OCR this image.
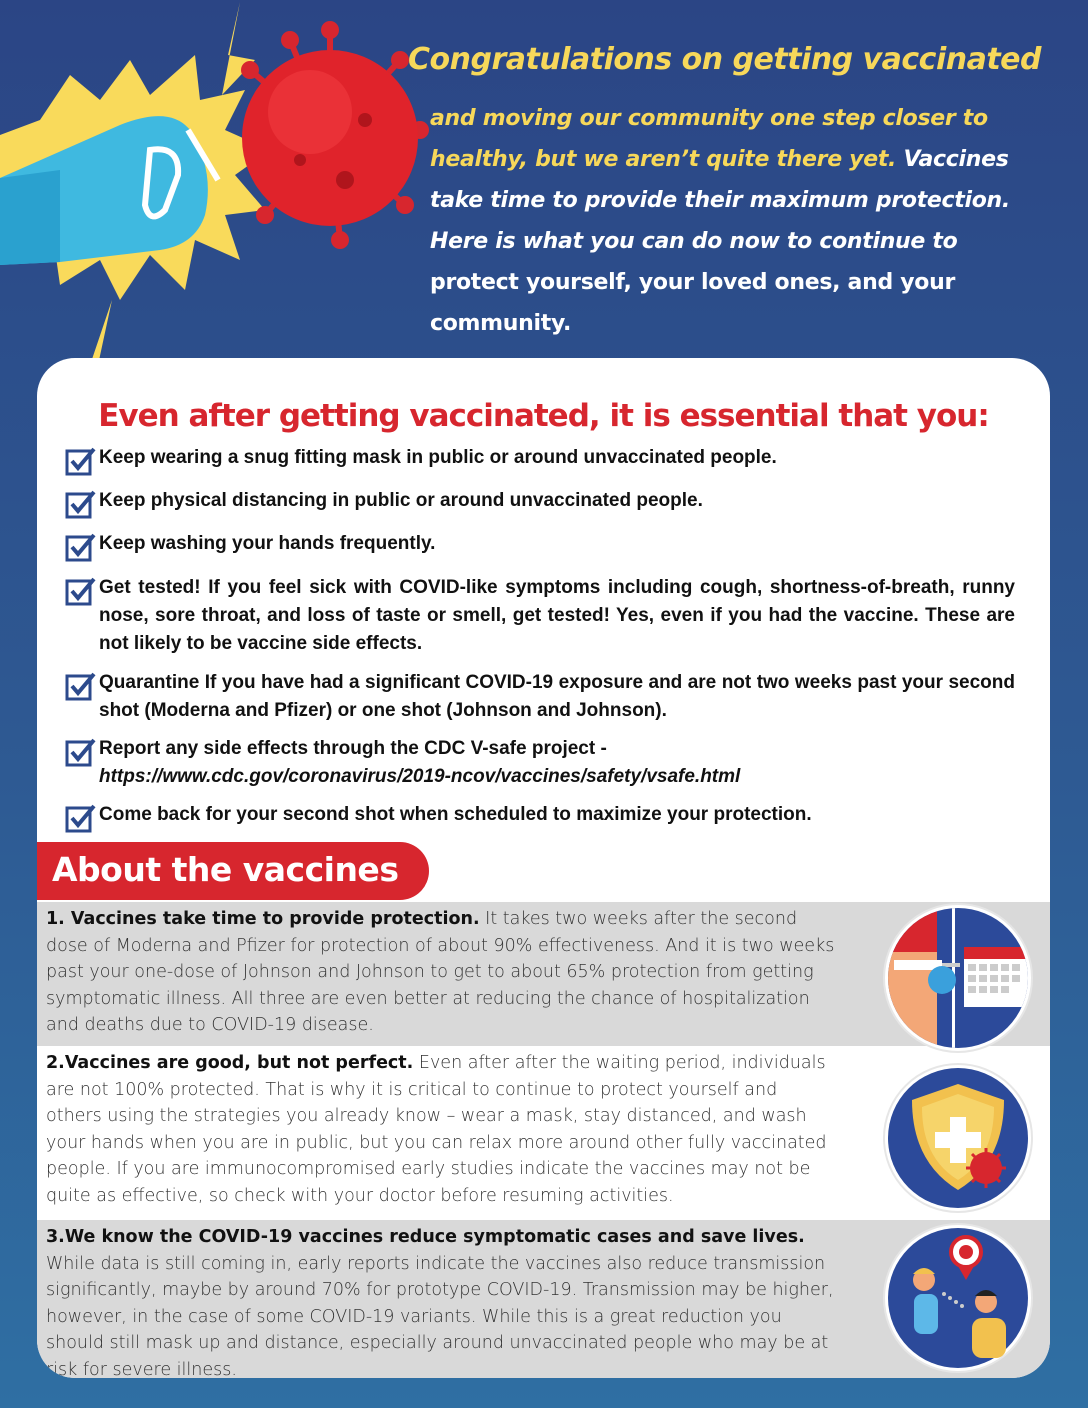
Congratulations on getting vaccinated

and moving our community one step closer to healthy, but we aren’t quite there yet. Vaccines take time to provide their maximum protection. Here is what you can do now to continue to protect yourself, your loved ones, and your community.

Even after getting vaccinated, it is essential that you:
Keep wearing a snug fitting mask in public or around unvaccinated people.
Keep physical distancing in public or around unvaccinated people.
Keep washing your hands frequently.
Get tested! If you feel sick with COVID-like symptoms including cough, shortness-of-breath, runny nose, sore throat, and loss of taste or smell, get tested! Yes, even if you had the vaccine. These are not likely to be vaccine side effects.
Quarantine If you have had a significant COVID-19 exposure and are not two weeks past your second shot (Moderna and Pfizer) or one shot (Johnson and Johnson).
Report any side effects through the CDC V-safe project -
https://www.cdc.gov/coronavirus/2019-ncov/vaccines/safety/vsafe.html
Come back for your second shot when scheduled to maximize your protection.
About the vaccines

1. Vaccines take time to provide protection. It takes two weeks after the second dose of Moderna and Pfizer for protection of about 90% effectiveness. And it is two weeks past your one-dose of Johnson and Johnson to get to about 65% protection from getting symptomatic illness. All three are even better at reducing the chance of hospitalization and deaths due to COVID-19 disease.

2.Vaccines are good, but not perfect. Even after after the waiting period, individuals are not 100% protected. That is why it is critical to continue to protect yourself and others using the strategies you already know – wear a mask, stay distanced, and wash your hands when you are in public, but you can relax more around other fully vaccinated people. If you are immunocompromised early studies indicate the vaccines may not be quite as effective, so check with your doctor before resuming activities.

3.We know the COVID-19 vaccines reduce symptomatic cases and save lives. While data is still coming in, early reports indicate the vaccines also reduce transmission significantly, maybe by around 70% for prototype COVID-19. Transmission may be higher, however, in the case of some COVID-19 variants. While this is a great reduction you should still mask up and distance, especially around unvaccinated people who may be at risk for severe illness.
